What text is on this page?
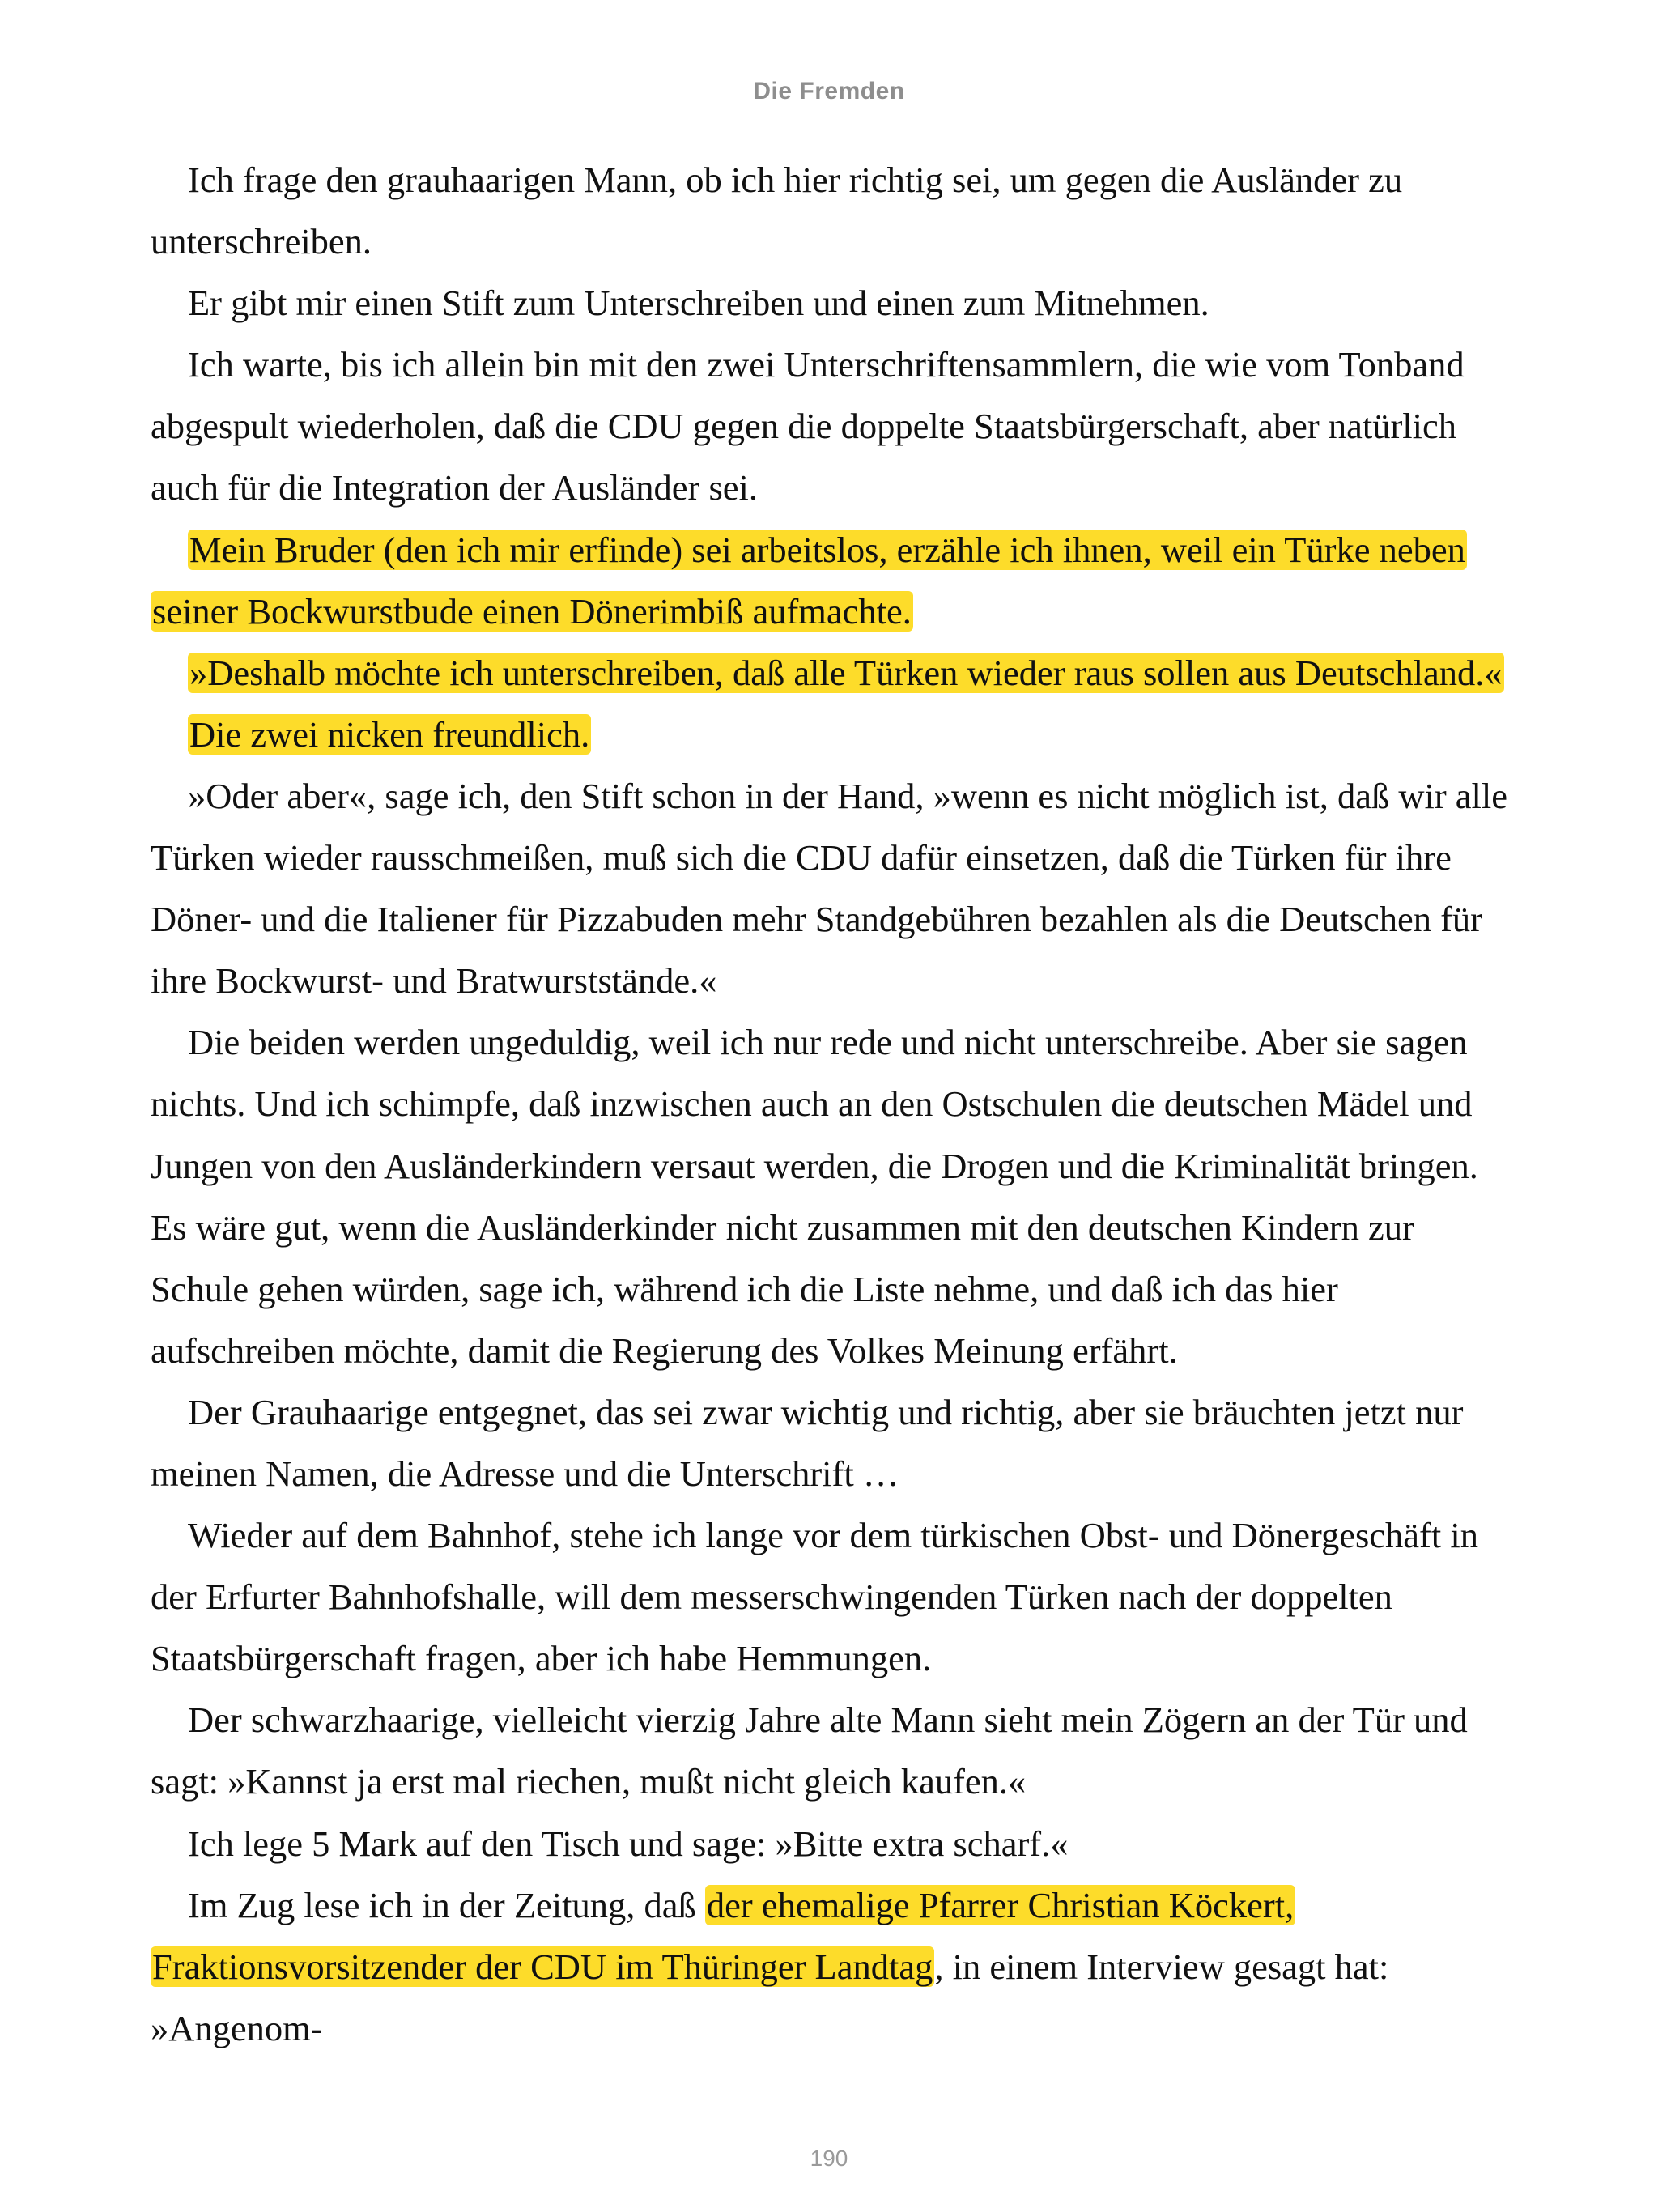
Die Fremden

Ich frage den grauhaarigen Mann, ob ich hier richtig sei, um gegen die Ausländer zu unterschreiben.

Er gibt mir einen Stift zum Unterschreiben und einen zum Mitnehmen.

Ich warte, bis ich allein bin mit den zwei Unterschriftensammlern, die wie vom Tonband abgespult wiederholen, daß die CDU gegen die doppelte Staatsbürgerschaft, aber natürlich auch für die Integration der Ausländer sei.

Mein Bruder (den ich mir erfinde) sei arbeitslos, erzähle ich ihnen, weil ein Türke neben seiner Bockwurstbude einen Dönerimbiß aufmachte.

»Deshalb möchte ich unterschreiben, daß alle Türken wieder raus sollen aus Deutschland.«

Die zwei nicken freundlich.

»Oder aber«, sage ich, den Stift schon in der Hand, »wenn es nicht möglich ist, daß wir alle Türken wieder rausschmeißen, muß sich die CDU dafür einsetzen, daß die Türken für ihre Döner- und die Italiener für Pizzabuden mehr Standgebühren bezahlen als die Deutschen für ihre Bockwurst- und Bratwurststände.«

Die beiden werden ungeduldig, weil ich nur rede und nicht unterschreibe. Aber sie sagen nichts. Und ich schimpfe, daß inzwischen auch an den Ostschulen die deutschen Mädel und Jungen von den Ausländerkindern versaut werden, die Drogen und die Kriminalität bringen. Es wäre gut, wenn die Ausländerkinder nicht zusammen mit den deutschen Kindern zur Schule gehen würden, sage ich, während ich die Liste nehme, und daß ich das hier aufschreiben möchte, damit die Regierung des Volkes Meinung erfährt.

Der Grauhaarige entgegnet, das sei zwar wichtig und richtig, aber sie bräuchten jetzt nur meinen Namen, die Adresse und die Unterschrift …

Wieder auf dem Bahnhof, stehe ich lange vor dem türkischen Obst- und Dönergeschäft in der Erfurter Bahnhofshalle, will dem messerschwingenden Türken nach der doppelten Staatsbürgerschaft fragen, aber ich habe Hemmungen.

Der schwarzhaarige, vielleicht vierzig Jahre alte Mann sieht mein Zögern an der Tür und sagt: »Kannst ja erst mal riechen, mußt nicht gleich kaufen.«

Ich lege 5 Mark auf den Tisch und sage: »Bitte extra scharf.«

Im Zug lese ich in der Zeitung, daß der ehemalige Pfarrer Christian Köckert, Fraktionsvorsitzender der CDU im Thüringer Landtag, in einem Interview gesagt hat: »Angenom-

190
